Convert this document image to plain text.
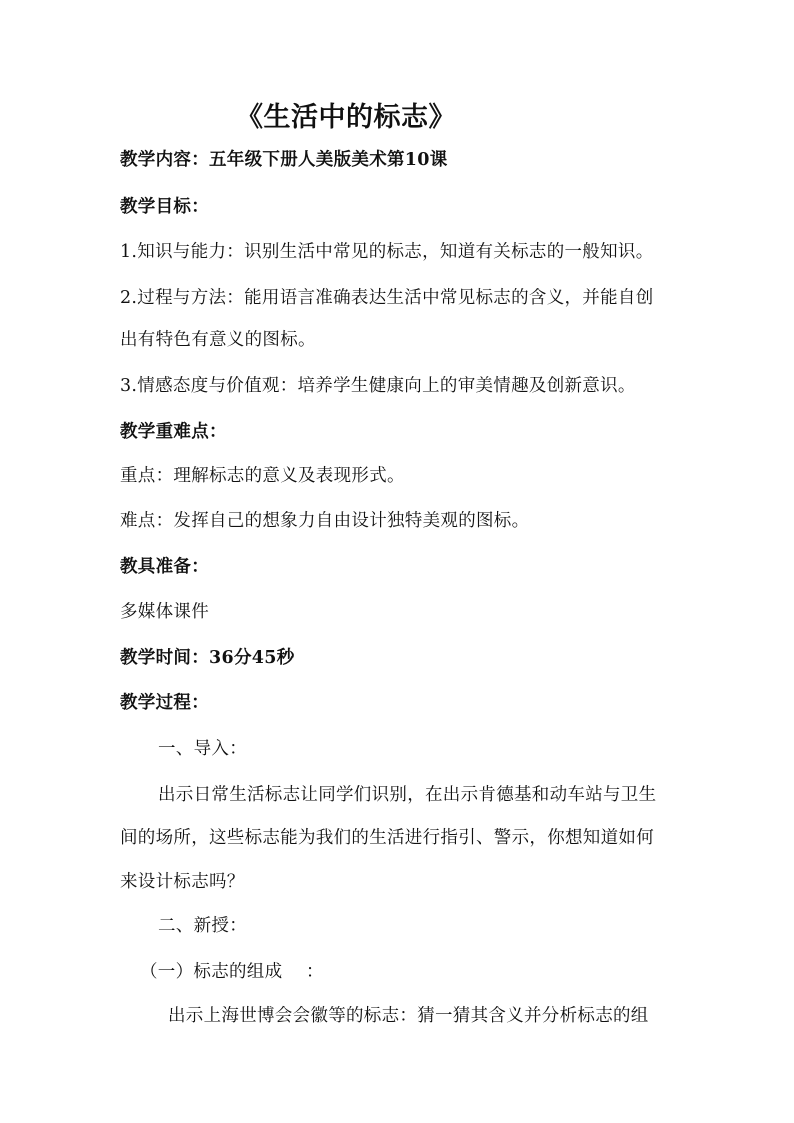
《生活中的标志》
教学内容：五年级下册人美版美术第10课
教学目标：
1.知识与能力：识别生活中常见的标志，知道有关标志的一般知识。
2.过程与方法：能用语言准确表达生活中常见标志的含义，并能自创
出有特色有意义的图标。
3.情感态度与价值观：培养学生健康向上的审美情趣及创新意识。
教学重难点：
重点：理解标志的意义及表现形式。
难点：发挥自己的想象力自由设计独特美观的图标。
教具准备：
多媒体课件
教学时间：36分45秒
教学过程：
一、导入：
出示日常生活标志让同学们识别，在出示肯德基和动车站与卫生
间的场所，这些标志能为我们的生活进行指引、警示，你想知道如何
来设计标志吗？
二、新授：
（一）标志的组成　 ：
出示上海世博会会徽等的标志：猜一猜其含义并分析标志的组
